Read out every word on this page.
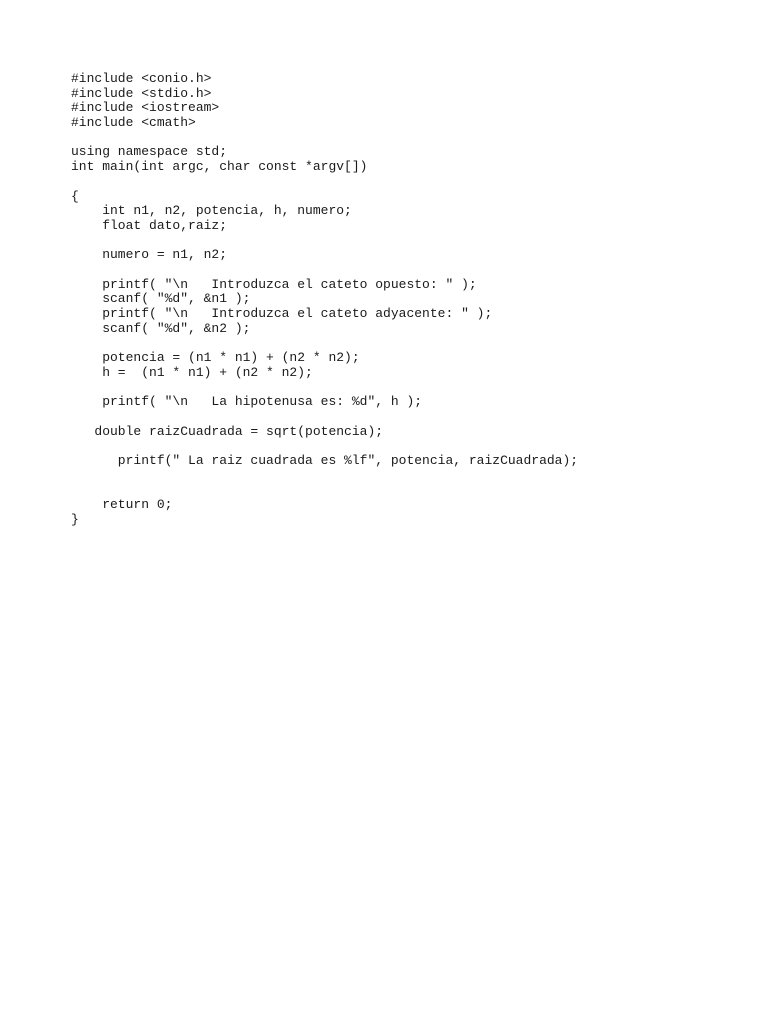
#include <conio.h>
#include <stdio.h>
#include <iostream>
#include <cmath>
using namespace std;
int main(int argc, char const *argv[])
{
int n1, n2, potencia, h, numero;
float dato,raiz;
numero = n1, n2;
printf( "\n   Introduzca el cateto opuesto: " );
scanf( "%d", &n1 );
printf( "\n   Introduzca el cateto adyacente: " );
scanf( "%d", &n2 );
potencia = (n1 * n1) + (n2 * n2);
h =  (n1 * n1) + (n2 * n2);
printf( "\n   La hipotenusa es: %d", h );
double raizCuadrada = sqrt(potencia);
printf(" La raiz cuadrada es %lf", potencia, raizCuadrada);
return 0;
}
